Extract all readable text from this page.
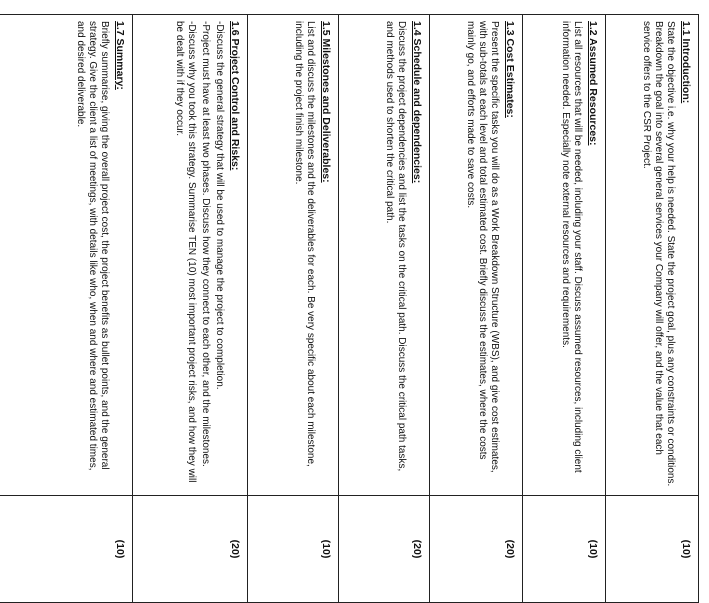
1.1 Introduction:

State the objective i.e. why your help is needed. State the project goal, plus any constraints or conditions. Breakdown the goal into several general services your Company will offer, and the value that each service offers to the CSR Project.	(10)

1.2 Assumed Resources:

List all resources that will be needed, including your staff. Discuss assumed resources, including client information needed. Especially note external resources and requirements.	(10)

1.3 Cost Estimates:

Present the specific tasks you will do as a Work Breakdown Structure (WBS), and give cost estimates, with sub-totals at each level and total estimated cost. Briefly discuss the estimates, where the costs mainly go, and efforts made to save costs.	(20)

1.4 Schedule and dependencies:

Discuss the project dependencies and list the tasks on the critical path. Discuss the critical path tasks, and methods used to shorten the critical path.	(20)

1.5 Milestones and Deliverables:

List and discuss the milestones and the deliverables for each. Be very specific about each milestone, including the project finish milestone.	(10)

1.6 Project Control and Risks:

-Discuss the general strategy that will be used to manage the project to completion.

-Project must have at least two phases. Discuss how they connect to each other, and the milestones.

-Discuss why you took this strategy. Summarise TEN (10) most important project risks, and how they will be dealt with if they occur.	(20)

1.7 Summary:

Briefly summarise, giving the overall project cost, the project benefits as bullet points, and the general strategy. Give the client a list of meetings, with details like who, when and where and estimated times, and desired deliverable.	(10)
